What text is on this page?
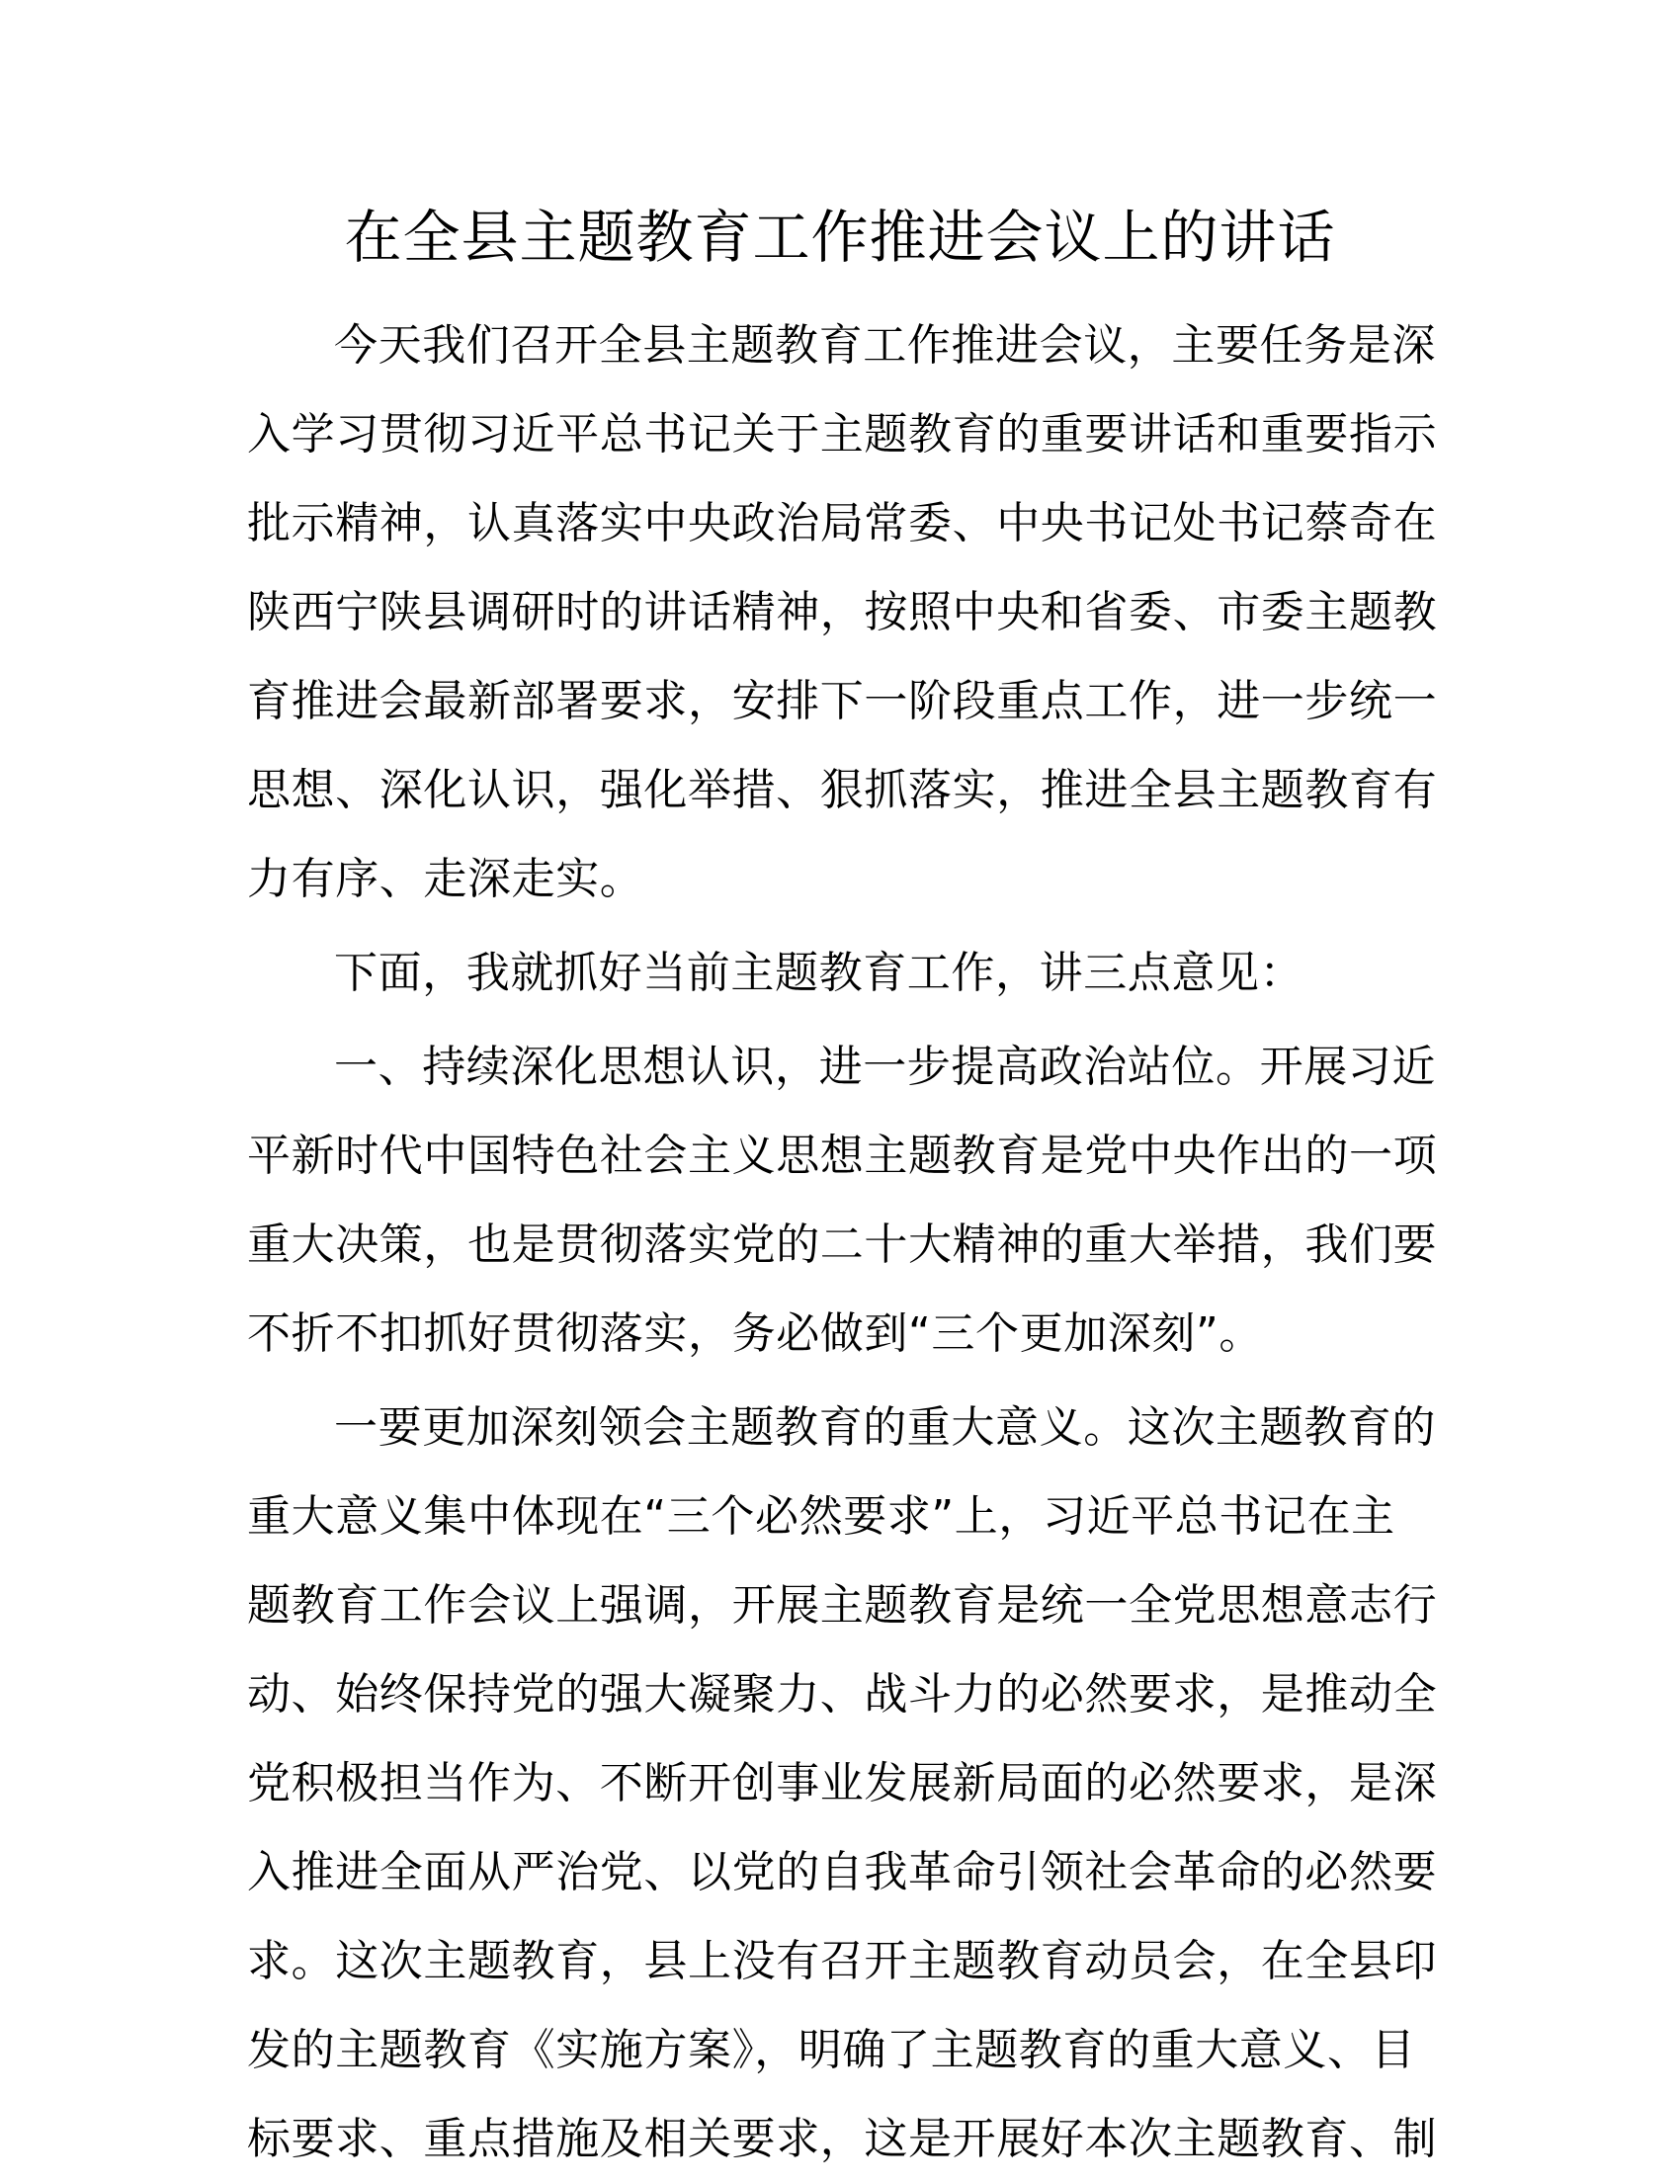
在全县主题教育工作推进会议上的讲话
今天我们召开全县主题教育工作推进会议，主要任务是深
入学习贯彻习近平总书记关于主题教育的重要讲话和重要指示
批示精神，认真落实中央政治局常委、中央书记处书记蔡奇在
陕西宁陕县调研时的讲话精神，按照中央和省委、市委主题教
育推进会最新部署要求，安排下一阶段重点工作，进一步统一
思想、深化认识，强化举措、狠抓落实，推进全县主题教育有
力有序、走深走实。
下面，我就抓好当前主题教育工作，讲三点意见：
一、持续深化思想认识，进一步提高政治站位。开展习近
平新时代中国特色社会主义思想主题教育是党中央作出的一项
重大决策，也是贯彻落实党的二十大精神的重大举措，我们要
不折不扣抓好贯彻落实，务必做到“三个更加深刻”。
一要更加深刻领会主题教育的重大意义。这次主题教育的
重大意义集中体现在“三个必然要求”上，习近平总书记在主
题教育工作会议上强调，开展主题教育是统一全党思想意志行
动、始终保持党的强大凝聚力、战斗力的必然要求，是推动全
党积极担当作为、不断开创事业发展新局面的必然要求，是深
入推进全面从严治党、以党的自我革命引领社会革命的必然要
求。这次主题教育，县上没有召开主题教育动员会，在全县印
发的主题教育《实施方案》，明确了主题教育的重大意义、目
标要求、重点措施及相关要求，这是开展好本次主题教育、制
